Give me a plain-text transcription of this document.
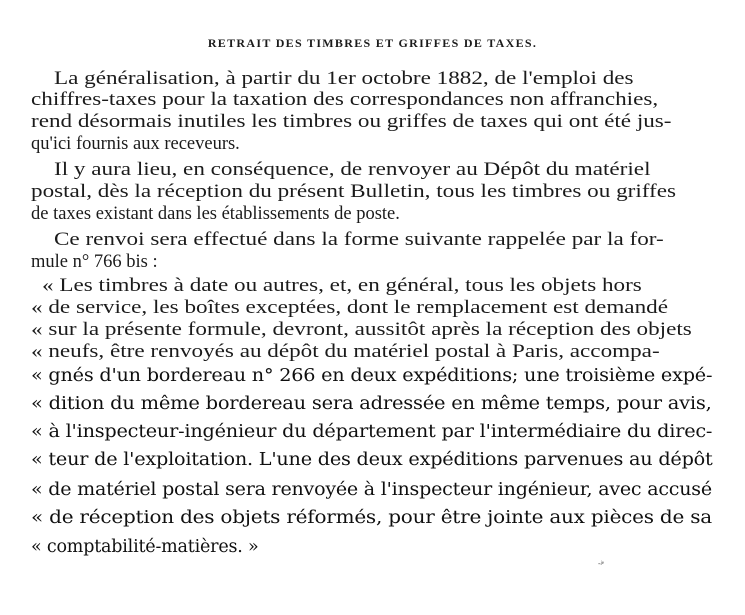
RETRAIT DES TIMBRES ET GRIFFES DE TAXES.
La généralisation, à partir du 1er octobre 1882, de l'emploi des
chiffres-taxes pour la taxation des correspondances non affranchies,
rend désormais inutiles les timbres ou griffes de taxes qui ont été jus-
qu'ici fournis aux receveurs.
Il y aura lieu, en conséquence, de renvoyer au Dépôt du matériel
postal, dès la réception du présent Bulletin, tous les timbres ou griffes
de taxes existant dans les établissements de poste.
Ce renvoi sera effectué dans la forme suivante rappelée par la for-
mule n° 766 bis :
« Les timbres à date ou autres, et, en général, tous les objets hors
« de service, les boîtes exceptées, dont le remplacement est demandé
« sur la présente formule, devront, aussitôt après la réception des objets
« neufs, être renvoyés au dépôt du matériel postal à Paris, accompa-
« gnés d'un bordereau n° 266 en deux expéditions; une troisième expé-
« dition du même bordereau sera adressée en même temps, pour avis,
« à l'inspecteur-ingénieur du département par l'intermédiaire du direc-
« teur de l'exploitation. L'une des deux expéditions parvenues au dépôt
« de matériel postal sera renvoyée à l'inspecteur ingénieur, avec accusé
« de réception des objets réformés, pour être jointe aux pièces de sa
« comptabilité-matières. »
-ʲᵉ
